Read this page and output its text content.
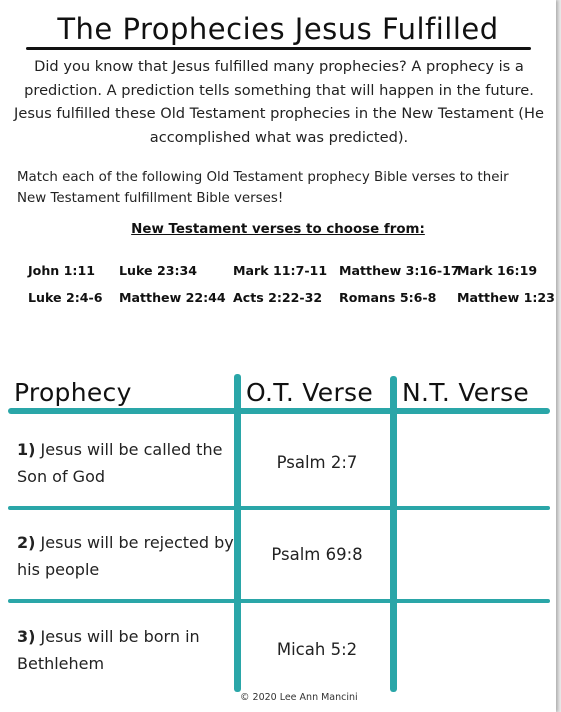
The Prophecies Jesus Fulfilled
Did you know that Jesus fulfilled many prophecies? A prophecy is a prediction. A prediction tells something that will happen in the future. Jesus fulfilled these Old Testament prophecies in the New Testament (He accomplished what was predicted).
Match each of the following Old Testament prophecy Bible verses to their New Testament fulfillment Bible verses!
New Testament verses to choose from:
John 1:11 Luke 23:34	Mark 11:7-11 Matthew 3:16-17
Mark 16:19
Luke 2:4-6 Matthew 22:44 Acts 2:22-32 Romans 5:6-8 Matthew 1:23
Prophecy	O.T. Verse N.T. Verse
1) Jesus will be called the Son of God
Psalm 2:7
2) Jesus will be rejected by his people
Psalm 69:8
3) Jesus will be born in Bethlehem
Micah 5:2
© 2020 Lee Ann Mancini
